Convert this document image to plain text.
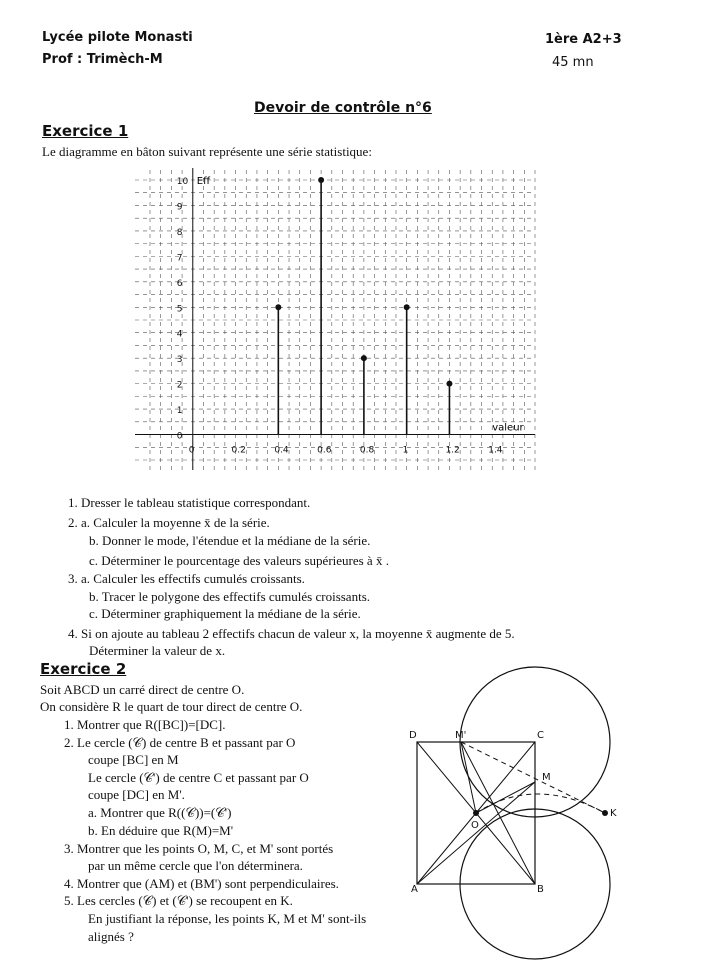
Lycée pilote Monasti
Prof : Trimèch-M
1ère A2+3
45 mn
Devoir de contrôle n°6
Exercice 1
Le diagramme en bâton suivant représente une série statistique:
0
1
2
3
4
5
6
7
8
9
10
0	0.2	0.4	0.6	0.8	1	1.2	1.4
Eff
valeur
1. Dresser le tableau statistique correspondant.
2. a. Calculer la moyenne x̄ de la série.
b. Donner le mode, l'étendue et la médiane de la série.
c. Déterminer le pourcentage des valeurs supérieures à x̄ .
3. a. Calculer les effectifs cumulés croissants.
b. Tracer le polygone des effectifs cumulés croissants.
c. Déterminer graphiquement la médiane de la série.
4. Si on ajoute au tableau 2 effectifs chacun de valeur x, la moyenne x̄ augmente de 5.
Déterminer la valeur de x.
Exercice 2
Soit ABCD un carré direct de centre O.
On considère R le quart de tour direct de centre O.
1. Montrer que R([BC])=[DC].
2. Le cercle (𝒞) de centre B et passant par O
coupe [BC] en M
Le cercle (𝒞') de centre C et passant par O
coupe [DC] en M'.
a. Montrer que R((𝒞))=(𝒞')
b. En déduire que R(M)=M'
3. Montrer que les points O, M, C, et M' sont portés
par un même cercle que l'on déterminera.
4. Montrer que (AM) et (BM') sont perpendiculaires.
5. Les cercles (𝒞) et (𝒞') se recoupent en K.
En justifiant la réponse, les points K, M et M' sont-ils
alignés ?
D	M'	C
M
O
K
A	B
